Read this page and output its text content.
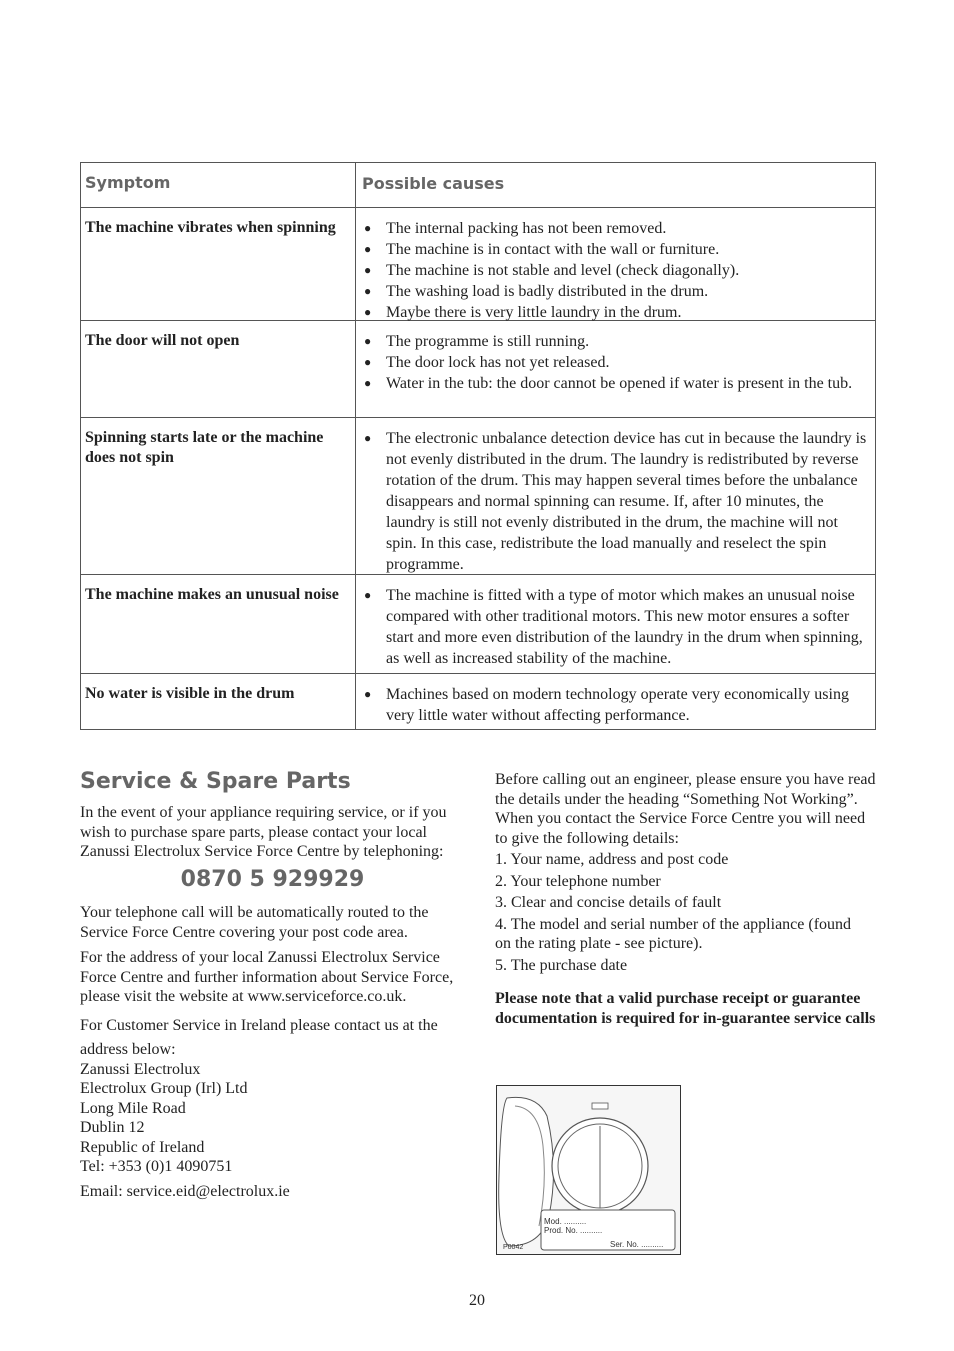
Symptom	Possible causes
The machine vibrates when spinning	● The internal packing has not been removed.
● The machine is in contact with the wall or furniture.
● The machine is not stable and level (check diagonally).
● The washing load is badly distributed in the drum.
● Maybe there is very little laundry in the drum.
The door will not open	● The programme is still running.
● The door lock has not yet released.
● Water in the tub: the door cannot be opened if water is present in the tub.
Spinning starts late or the machine does not spin
● The electronic unbalance detection device has cut in because the laundry is not evenly distributed in the drum. The laundry is redistributed by reverse rotation of the drum. This may happen several times before the unbalance disappears and normal spinning can resume. If, after 10 minutes, the laundry is still not evenly distributed in the drum, the machine will not spin. In this case, redistribute the load manually and reselect the spin programme.
The machine makes an unusual noise	● The machine is fitted with a type of motor which makes an unusual noise compared with other traditional motors. This new motor ensures a softer start and more even distribution of the laundry in the drum when spinning, as well as increased stability of the machine.
No water is visible in the drum	● Machines based on modern technology operate very economically using very little water without affecting performance.
Service & Spare Parts

In the event of your appliance requiring service, or if you wish to purchase spare parts, please contact your local Zanussi Electrolux Service Force Centre by telephoning:

0870 5 929929

Your telephone call will be automatically routed to the Service Force Centre covering your post code area.

For the address of your local Zanussi Electrolux Service Force Centre and further information about Service Force, please visit the website at www.serviceforce.co.uk.

For Customer Service in Ireland please contact us at the

address below:
Zanussi Electrolux
Electrolux Group (Irl) Ltd
Long Mile Road
Dublin 12
Republic of Ireland
Tel: +353 (0)1 4090751

Email: service.eid@electrolux.ie

Before calling out an engineer, please ensure you have read the details under the heading “Something Not Working”.

When you contact the Service Force Centre you will need to give the following details:

1. Your name, address and post code
2. Your telephone number
3. Clear and concise details of fault
4. The model and serial number of the appliance (found
on the rating plate - see picture).
5. The purchase date

Please note that a valid purchase receipt or guarantee documentation is required for in-guarantee service calls

Mod. ..........
Prod. No. ..........
Ser. No. ..........
P0042
20
